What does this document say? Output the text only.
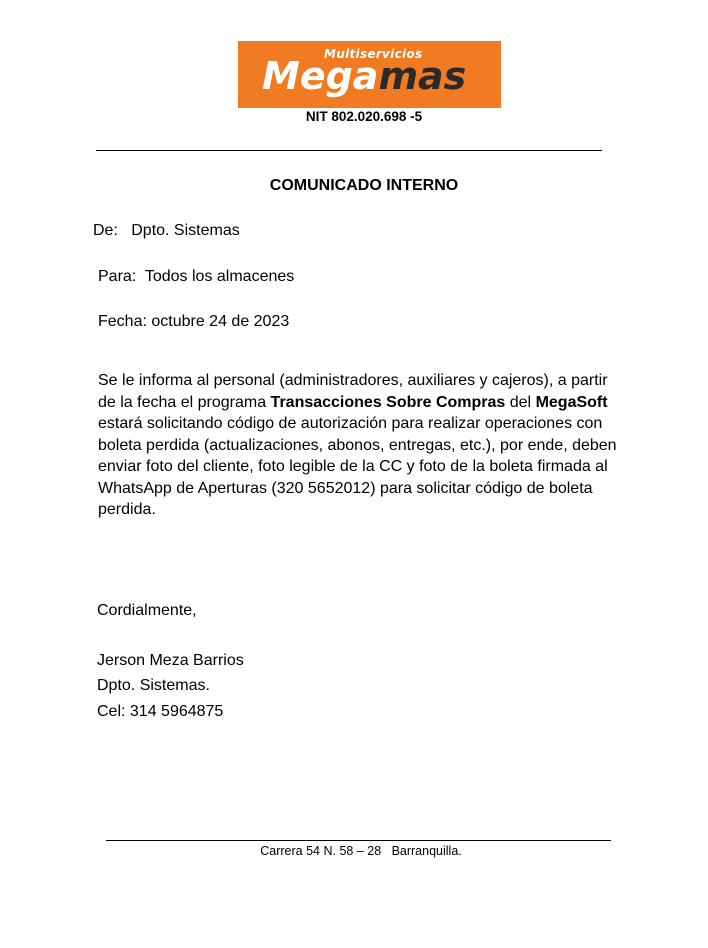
Multiservicios
Megamas
NIT 802.020.698 -5
COMUNICADO INTERNO
De:   Dpto. Sistemas
Para:  Todos los almacenes
Fecha: octubre 24 de 2023
Se le informa al personal (administradores, auxiliares y cajeros), a partir de la fecha el programa Transacciones Sobre Compras del MegaSoft estará solicitando código de autorización para realizar operaciones con boleta perdida (actualizaciones, abonos, entregas, etc.), por ende, deben enviar foto del cliente, foto legible de la CC y foto de la boleta firmada al WhatsApp de Aperturas (320 5652012) para solicitar código de boleta perdida.
Cordialmente,
Jerson Meza Barrios
Dpto. Sistemas.
Cel: 314 5964875
Carrera 54 N. 58 – 28   Barranquilla.
